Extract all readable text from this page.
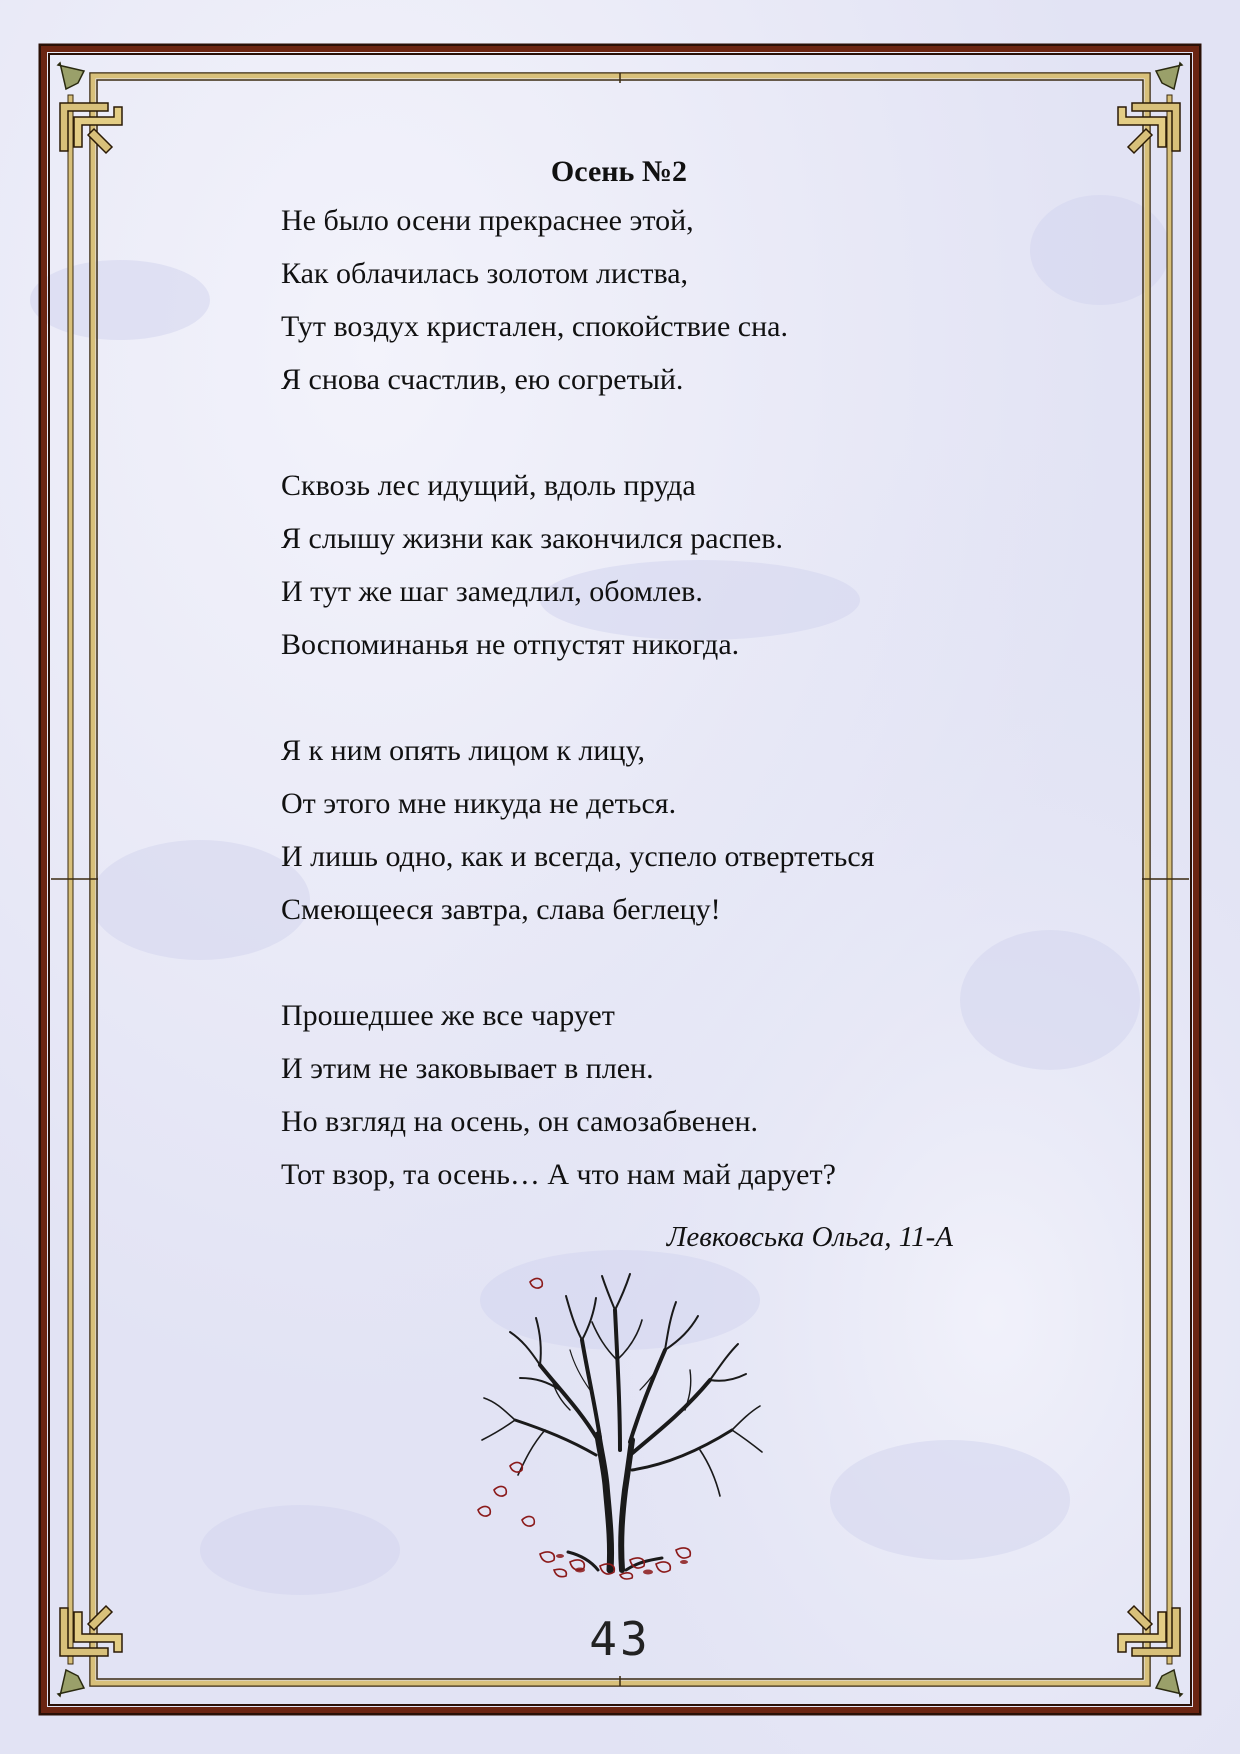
Осень №2
Не было осени прекраснее этой,
Как облачилась золотом листва,
Тут воздух кристален, спокойствие сна.
Я снова счастлив, ею согретый.
Сквозь лес идущий, вдоль пруда
Я слышу жизни как закончился распев.
И тут же шаг замедлил, обомлев.
Воспоминанья не отпустят никогда.
Я к ним опять лицом к лицу,
От этого мне никуда не деться.
И лишь одно, как и всегда, успело отвертеться
Смеющееся завтра, слава беглецу!
Прошедшее же все чарует
И этим не заковывает в плен.
Но взгляд на осень, он самозабвенен.
Тот взор, та осень… А что нам май дарует?
Левковська Ольга, 11-А
43
